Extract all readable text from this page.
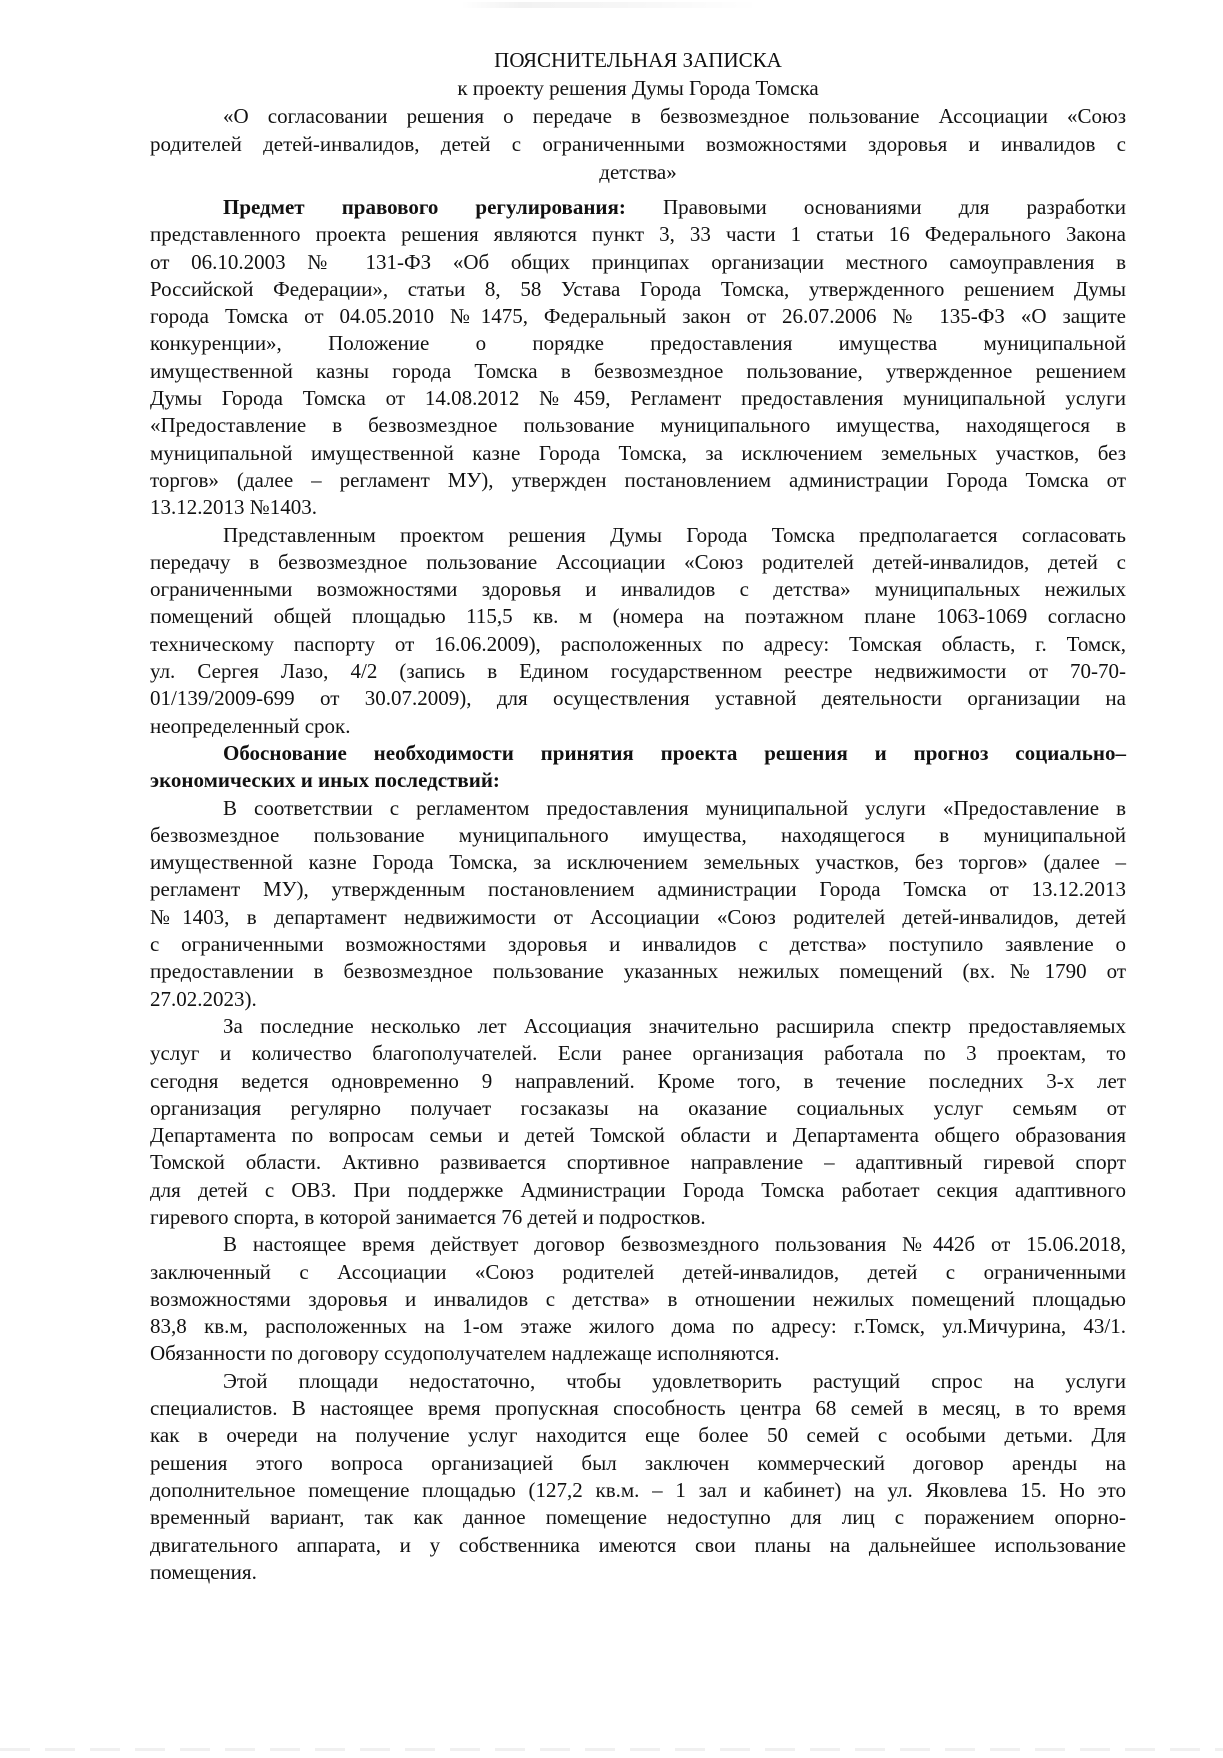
ПОЯСНИТЕЛЬНАЯ ЗАПИСКА
к проекту решения Думы Города Томска
«О согласовании решения о передаче в безвозмездное пользование Ассоциации «Союз
родителей детей-инвалидов, детей с ограниченными возможностями здоровья и инвалидов с
детства»
Предмет правового регулирования: Правовыми основаниями для разработки
представленного проекта решения являются пункт 3, 33 части 1 статьи 16 Федерального Закона
от 06.10.2003 № 131-ФЗ «Об общих принципах организации местного самоуправления в
Российской Федерации», статьи 8, 58 Устава Города Томска, утвержденного решением Думы
города Томска от 04.05.2010 №1475, Федеральный закон от 26.07.2006 № 135-ФЗ «О защите
конкуренции», Положение о порядке предоставления имущества муниципальной
имущественной казны города Томска в безвозмездное пользование, утвержденное решением
Думы Города Томска от 14.08.2012 №459, Регламент предоставления муниципальной услуги
«Предоставление в безвозмездное пользование муниципального имущества, находящегося в
муниципальной имущественной казне Города Томска, за исключением земельных участков, без
торгов» (далее – регламент МУ), утвержден постановлением администрации Города Томска от
13.12.2013 №1403.
Представленным проектом решения Думы Города Томска предполагается согласовать
передачу в безвозмездное пользование Ассоциации «Союз родителей детей-инвалидов, детей с
ограниченными возможностями здоровья и инвалидов с детства» муниципальных нежилых
помещений общей площадью 115,5 кв. м (номера на поэтажном плане 1063-1069 согласно
техническому паспорту от 16.06.2009), расположенных по адресу: Томская область, г. Томск,
ул. Сергея Лазо, 4/2 (запись в Едином государственном реестре недвижимости от 70-70-
01/139/2009-699 от 30.07.2009), для осуществления уставной деятельности организации на
неопределенный срок.
Обоснование необходимости принятия проекта решения и прогноз социально–
экономических и иных последствий:
В соответствии с регламентом предоставления муниципальной услуги «Предоставление в
безвозмездное пользование муниципального имущества, находящегося в муниципальной
имущественной казне Города Томска, за исключением земельных участков, без торгов» (далее –
регламент МУ), утвержденным постановлением администрации Города Томска от 13.12.2013
№1403, в департамент недвижимости от Ассоциации «Союз родителей детей-инвалидов, детей
с ограниченными возможностями здоровья и инвалидов с детства» поступило заявление о
предоставлении в безвозмездное пользование указанных нежилых помещений (вх.№1790 от
27.02.2023).
За последние несколько лет Ассоциация значительно расширила спектр предоставляемых
услуг и количество благополучателей. Если ранее организация работала по 3 проектам, то
сегодня ведется одновременно 9 направлений. Кроме того, в течение последних 3-х лет
организация регулярно получает госзаказы на оказание социальных услуг семьям от
Департамента по вопросам семьи и детей Томской области и Департамента общего образования
Томской области. Активно развивается спортивное направление – адаптивный гиревой спорт
для детей с ОВЗ. При поддержке Администрации Города Томска работает секция адаптивного
гиревого спорта, в которой занимается 76 детей и подростков.
В настоящее время действует договор безвозмездного пользования №442б от 15.06.2018,
заключенный с Ассоциации «Союз родителей детей-инвалидов, детей с ограниченными
возможностями здоровья и инвалидов с детства» в отношении нежилых помещений площадью
83,8 кв.м, расположенных на 1-ом этаже жилого дома по адресу: г.Томск, ул.Мичурина, 43/1.
Обязанности по договору ссудополучателем надлежаще исполняются.
Этой площади недостаточно, чтобы удовлетворить растущий спрос на услуги
специалистов. В настоящее время пропускная способность центра 68 семей в месяц, в то время
как в очереди на получение услуг находится еще более 50 семей с особыми детьми. Для
решения этого вопроса организацией был заключен коммерческий договор аренды на
дополнительное помещение площадью (127,2 кв.м. – 1 зал и кабинет) на ул. Яковлева 15. Но это
временный вариант, так как данное помещение недоступно для лиц с поражением опорно-
двигательного аппарата, и у собственника имеются свои планы на дальнейшее использование
помещения.
